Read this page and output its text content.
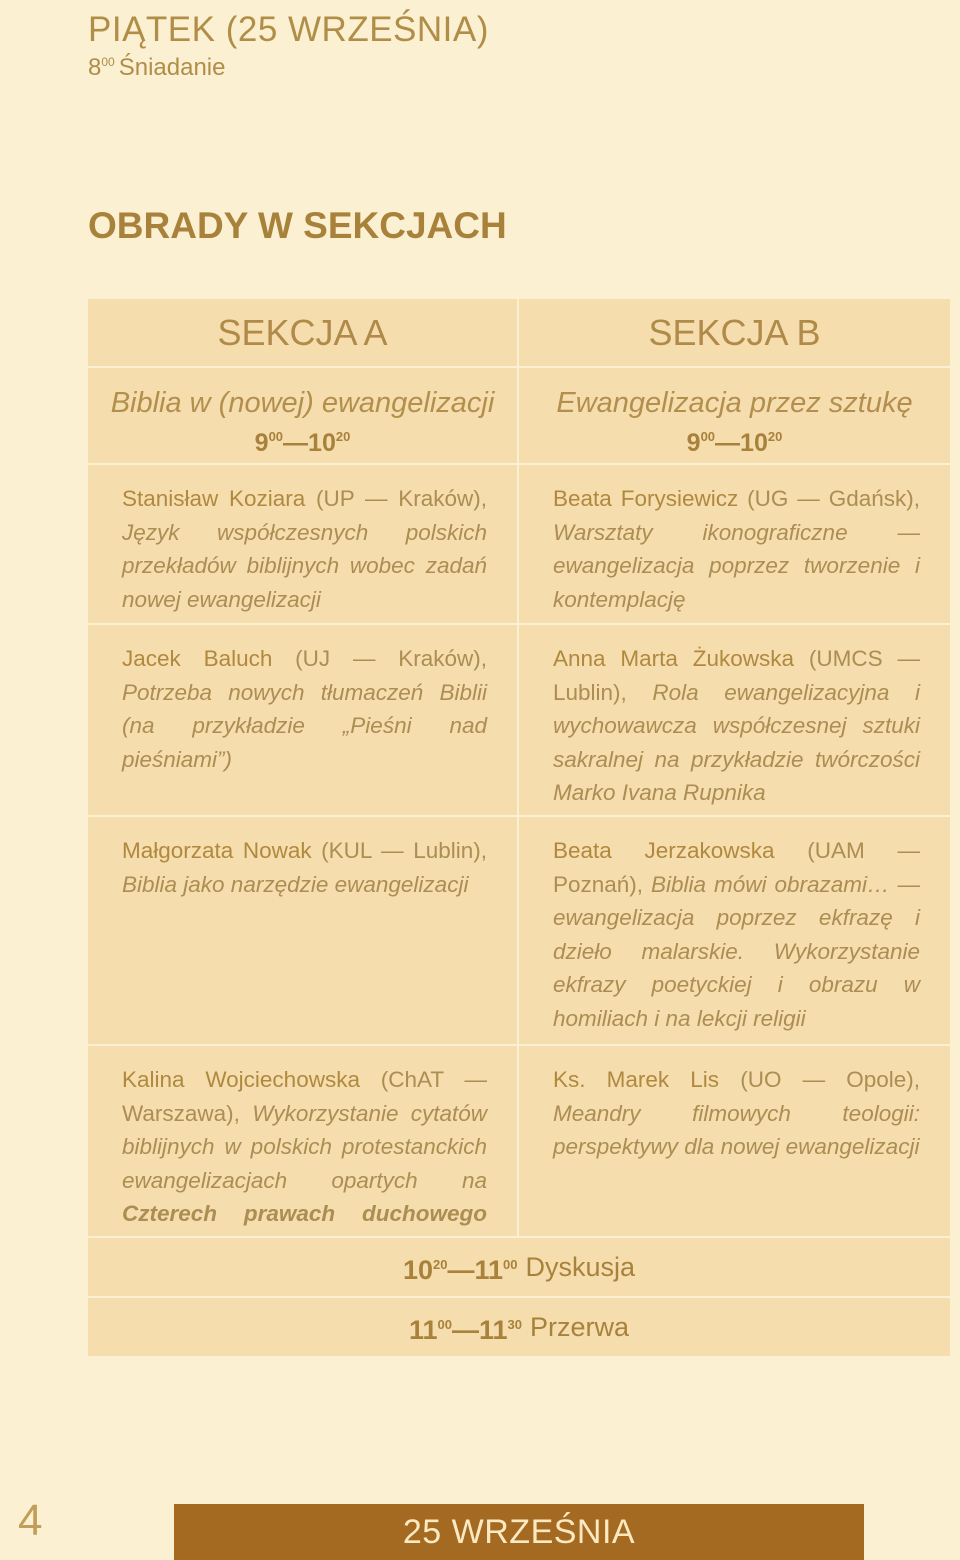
PIĄTEK (25 WRZEŚNIA)
$8^{00}$ Śniadanie
OBRADY W SEKCJACH
SEKCJA A	SEKCJA B
Biblia w (nowej) ewangelizacji
$9^{00}—10^{20}$
Ewangelizacja przez sztukę
$9^{00}—10^{20}$
Stanisław Koziara (UP — Kraków), Język współczesnych polskich przekładów biblijnych wobec zadań nowej ewangelizacji
Beata Forysiewicz (UG — Gdańsk), Warsztaty ikonograficzne — ewangelizacja poprzez tworzenie i kontemplację
Jacek Baluch (UJ — Kraków), Potrzeba nowych tłumaczeń Biblii (na przykładzie „Pieśni nad pieśniami”)
Anna Marta Żukowska (UMCS — Lublin), Rola ewangelizacyjna i wychowawcza współczesnej sztuki sakralnej na przykładzie twórczości Marko Ivana Rupnika
Małgorzata Nowak (KUL — Lublin), Biblia jako narzędzie ewangelizacji
Beata Jerzakowska (UAM — Poznań), Biblia mówi obrazami… — ewangelizacja poprzez ekfrazę i dzieło malarskie. Wykorzystanie ekfrazy poetyckiej i obrazu w homiliach i na lekcji religii
Kalina Wojciechowska (ChAT — Warszawa), Wykorzystanie cytatów biblijnych w polskich protestanckich ewangelizacjach opartych na Czterech prawach duchowego
Ks. Marek Lis (UO — Opole), Meandry filmowych teologii: perspektywy dla nowej ewangelizacji
$10^{20}—11^{00}$ Dyskusja
$11^{00}—11^{30}$ Przerwa
4	25 WRZEŚNIA
